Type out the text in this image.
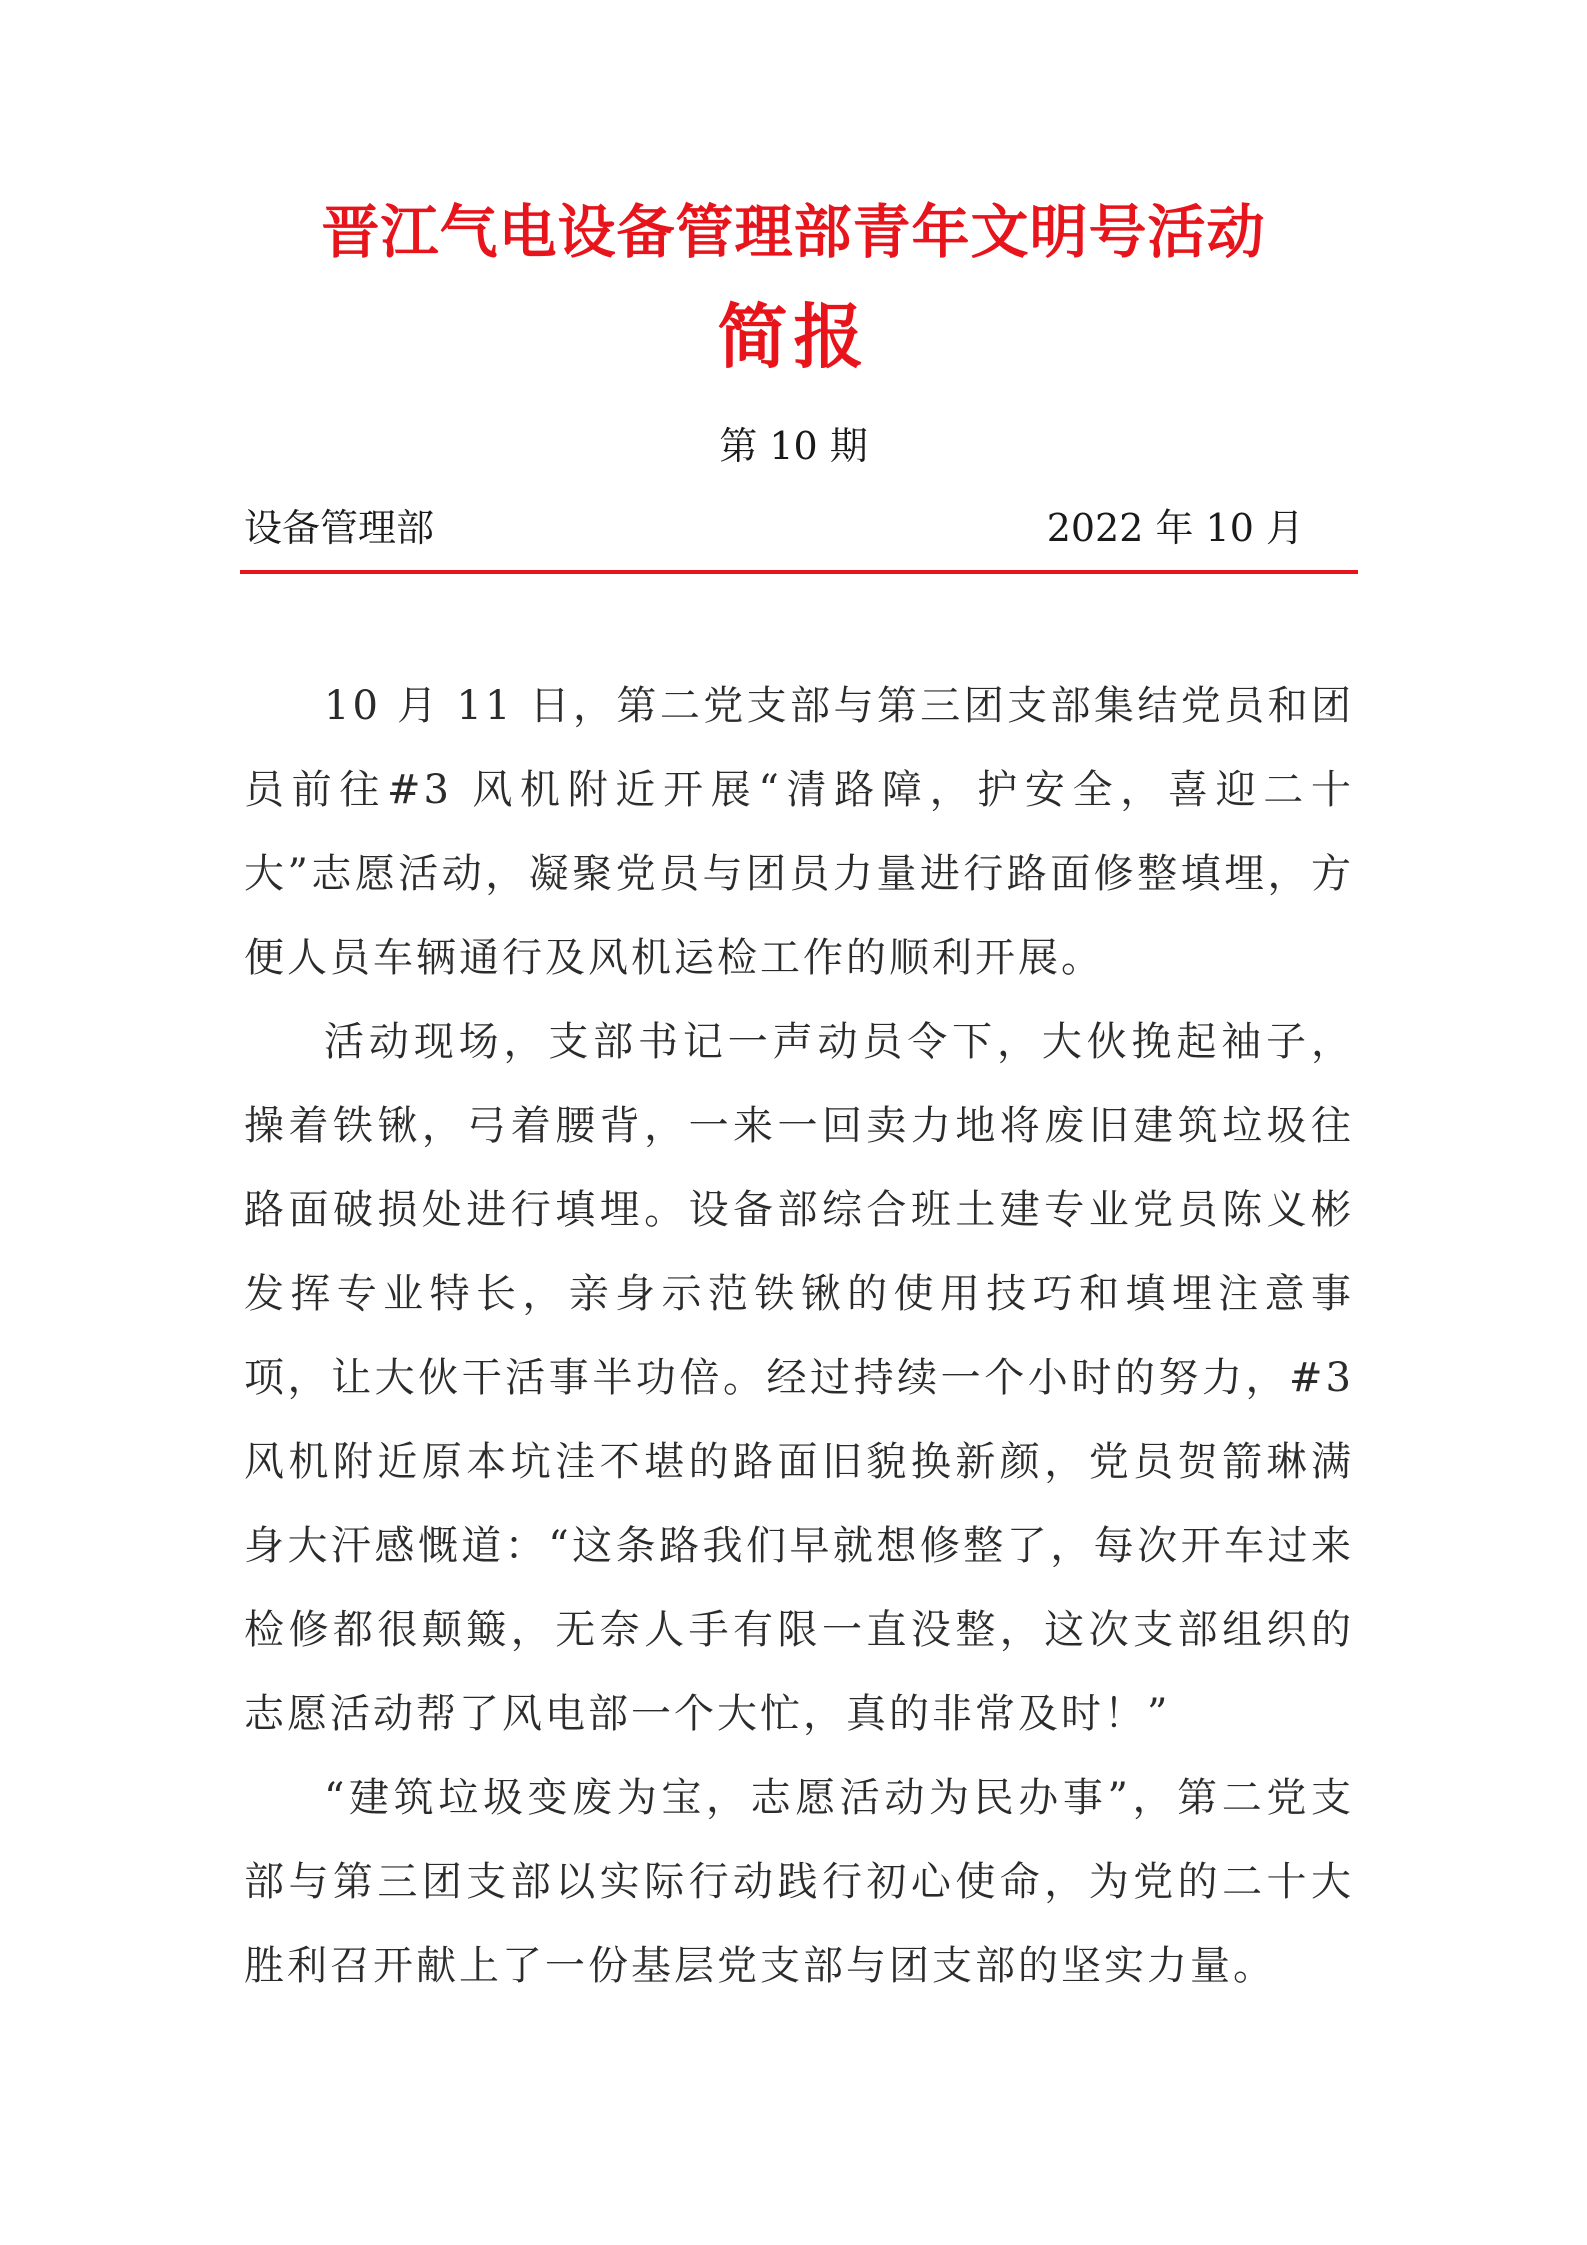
晋江气电设备管理部青年文明号活动
简报
第 10 期
设备管理部	2022 年 10 月

10 月 11 日，第二党支部与第三团支部集结党员和团员前往#3 风机附近开展“清路障，护安全，喜迎二十大”志愿活动，凝聚党员与团员力量进行路面修整填埋，方便人员车辆通行及风机运检工作的顺利开展。

活动现场，支部书记一声动员令下，大伙挽起袖子，操着铁锹，弓着腰背，一来一回卖力地将废旧建筑垃圾往路面破损处进行填埋。设备部综合班土建专业党员陈义彬发挥专业特长，亲身示范铁锹的使用技巧和填埋注意事项，让大伙干活事半功倍。经过持续一个小时的努力，#3 风机附近原本坑洼不堪的路面旧貌换新颜，党员贺箭琳满身大汗感慨道：“这条路我们早就想修整了，每次开车过来检修都很颠簸，无奈人手有限一直没整，这次支部组织的志愿活动帮了风电部一个大忙，真的非常及时！”

“建筑垃圾变废为宝，志愿活动为民办事”，第二党支部与第三团支部以实际行动践行初心使命，为党的二十大胜利召开献上了一份基层党支部与团支部的坚实力量。
